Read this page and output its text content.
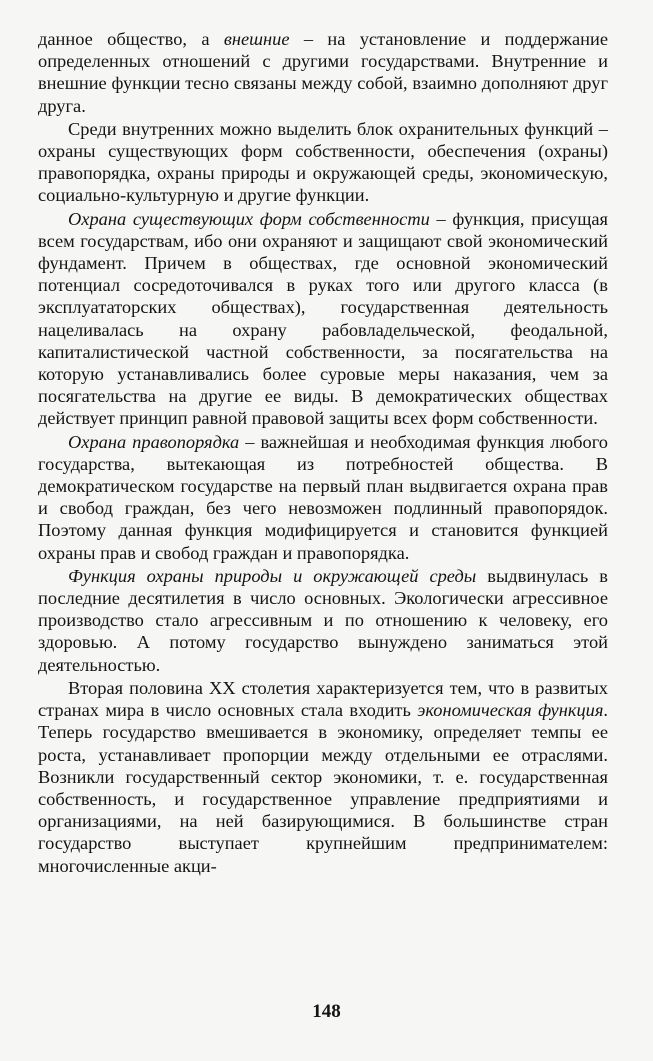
данное общество, а внешние – на установление и поддержание определенных отношений с другими государствами. Внутренние и внешние функции тесно связаны между собой, взаимно дополняют друг друга.

Среди внутренних можно выделить блок охранительных функций – охраны существующих форм собственности, обеспечения (охраны) правопорядка, охраны природы и окружающей среды, экономическую, социально-культурную и другие функции.

Охрана существующих форм собственности – функция, присущая всем государствам, ибо они охраняют и защищают свой экономический фундамент. Причем в обществах, где основной экономический потенциал сосредоточивался в руках того или другого класса (в эксплуататорских обществах), государственная деятельность нацеливалась на охрану рабовладельческой, феодальной, капиталистической частной собственности, за посягательства на которую устанавливались более суровые меры наказания, чем за посягательства на другие ее виды. В демократических обществах действует принцип равной правовой защиты всех форм собственности.

Охрана правопорядка – важнейшая и необходимая функция любого государства, вытекающая из потребностей общества. В демократическом государстве на первый план выдвигается охрана прав и свобод граждан, без чего невозможен подлинный правопорядок. Поэтому данная функция модифицируется и становится функцией охраны прав и свобод граждан и правопорядка.

Функция охраны природы и окружающей среды выдвинулась в последние десятилетия в число основных. Экологически агрессивное производство стало агрессивным и по отношению к человеку, его здоровью. А потому государство вынуждено заниматься этой деятельностью.

Вторая половина XX столетия характеризуется тем, что в развитых странах мира в число основных стала входить экономическая функция. Теперь государство вмешивается в экономику, определяет темпы ее роста, устанавливает пропорции между отдельными ее отраслями. Возникли государственный сектор экономики, т. е. государственная собственность, и государственное управление предприятиями и организациями, на ней базирующимися. В большинстве стран государство выступает крупнейшим предпринимателем: многочисленные акци-

148
